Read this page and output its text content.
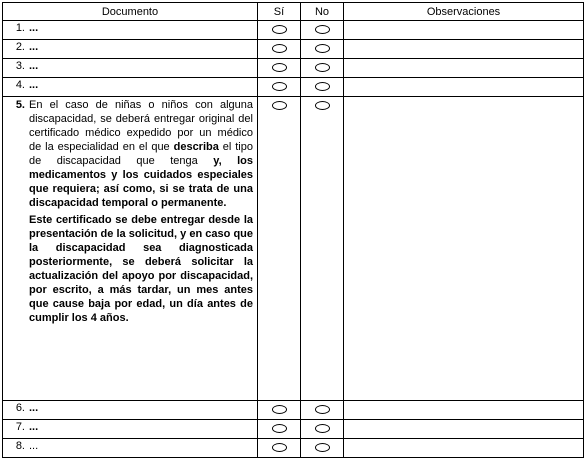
Documento	Sí	No	Observaciones

1. ...			

2. ...			

3. ...			

4. ...			

5. En el caso de niñas o niños con alguna discapacidad, se deberá entregar original del certificado médico expedido por un médico de la especialidad en el que describa el tipo de discapacidad que tenga y, los medicamentos y los cuidados especiales que requiera; así como, si se trata de una discapacidad temporal o permanente.

Este certificado se debe entregar desde la presentación de la solicitud, y en caso que la discapacidad sea diagnosticada posteriormente, se deberá solicitar la actualización del apoyo por discapacidad, por escrito, a más tardar, un mes antes que cause baja por edad, un día antes de cumplir los 4 años.			

6. ...			

7. ...			

8. ...			
